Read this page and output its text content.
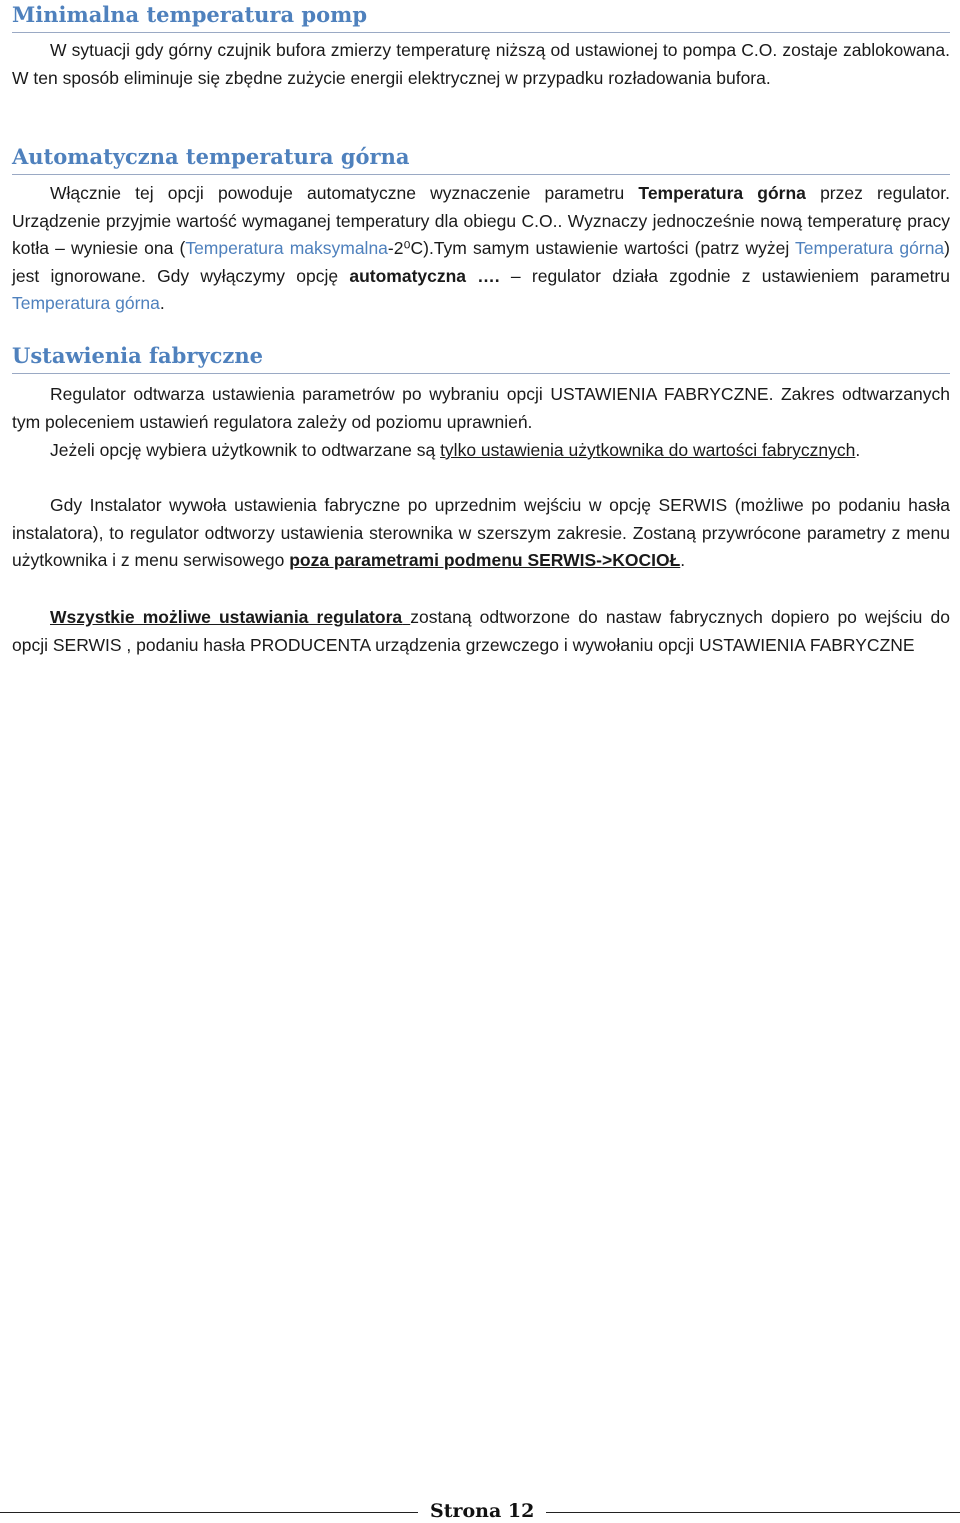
Minimalna temperatura pomp

W sytuacji gdy górny czujnik bufora zmierzy temperaturę niższą od ustawionej to pompa C.O. zostaje zablokowana. W ten sposób eliminuje się zbędne zużycie energii elektrycznej w przypadku rozładowania bufora.

Automatyczna temperatura górna

Włącznie tej opcji powoduje automatyczne wyznaczenie parametru Temperatura górna przez regulator. Urządzenie przyjmie wartość wymaganej temperatury dla obiegu C.O.. Wyznaczy jednocześnie nową temperaturę pracy kotła – wyniesie ona (Temperatura maksymalna-2⁰C).Tym samym ustawienie wartości (patrz wyżej Temperatura górna) jest ignorowane. Gdy wyłączymy opcję automatyczna …. – regulator działa zgodnie z ustawieniem parametru Temperatura górna.

Ustawienia fabryczne

Regulator odtwarza ustawienia parametrów po wybraniu opcji USTAWIENIA FABRYCZNE. Zakres odtwarzanych tym poleceniem ustawień regulatora zależy od poziomu uprawnień.

Jeżeli opcję wybiera użytkownik to odtwarzane są tylko ustawienia użytkownika do wartości fabrycznych.

Gdy Instalator wywoła ustawienia fabryczne po uprzednim wejściu w opcję SERWIS (możliwe po podaniu hasła instalatora), to regulator odtworzy ustawienia sterownika w szerszym zakresie. Zostaną przywrócone parametry z menu użytkownika i z menu serwisowego poza parametrami podmenu SERWIS->KOCIOŁ.

Wszystkie możliwe ustawiania regulatora zostaną odtworzone do nastaw fabrycznych dopiero po wejściu do opcji SERWIS , podaniu hasła PRODUCENTA urządzenia grzewczego i wywołaniu opcji USTAWIENIA FABRYCZNE

Strona 12
